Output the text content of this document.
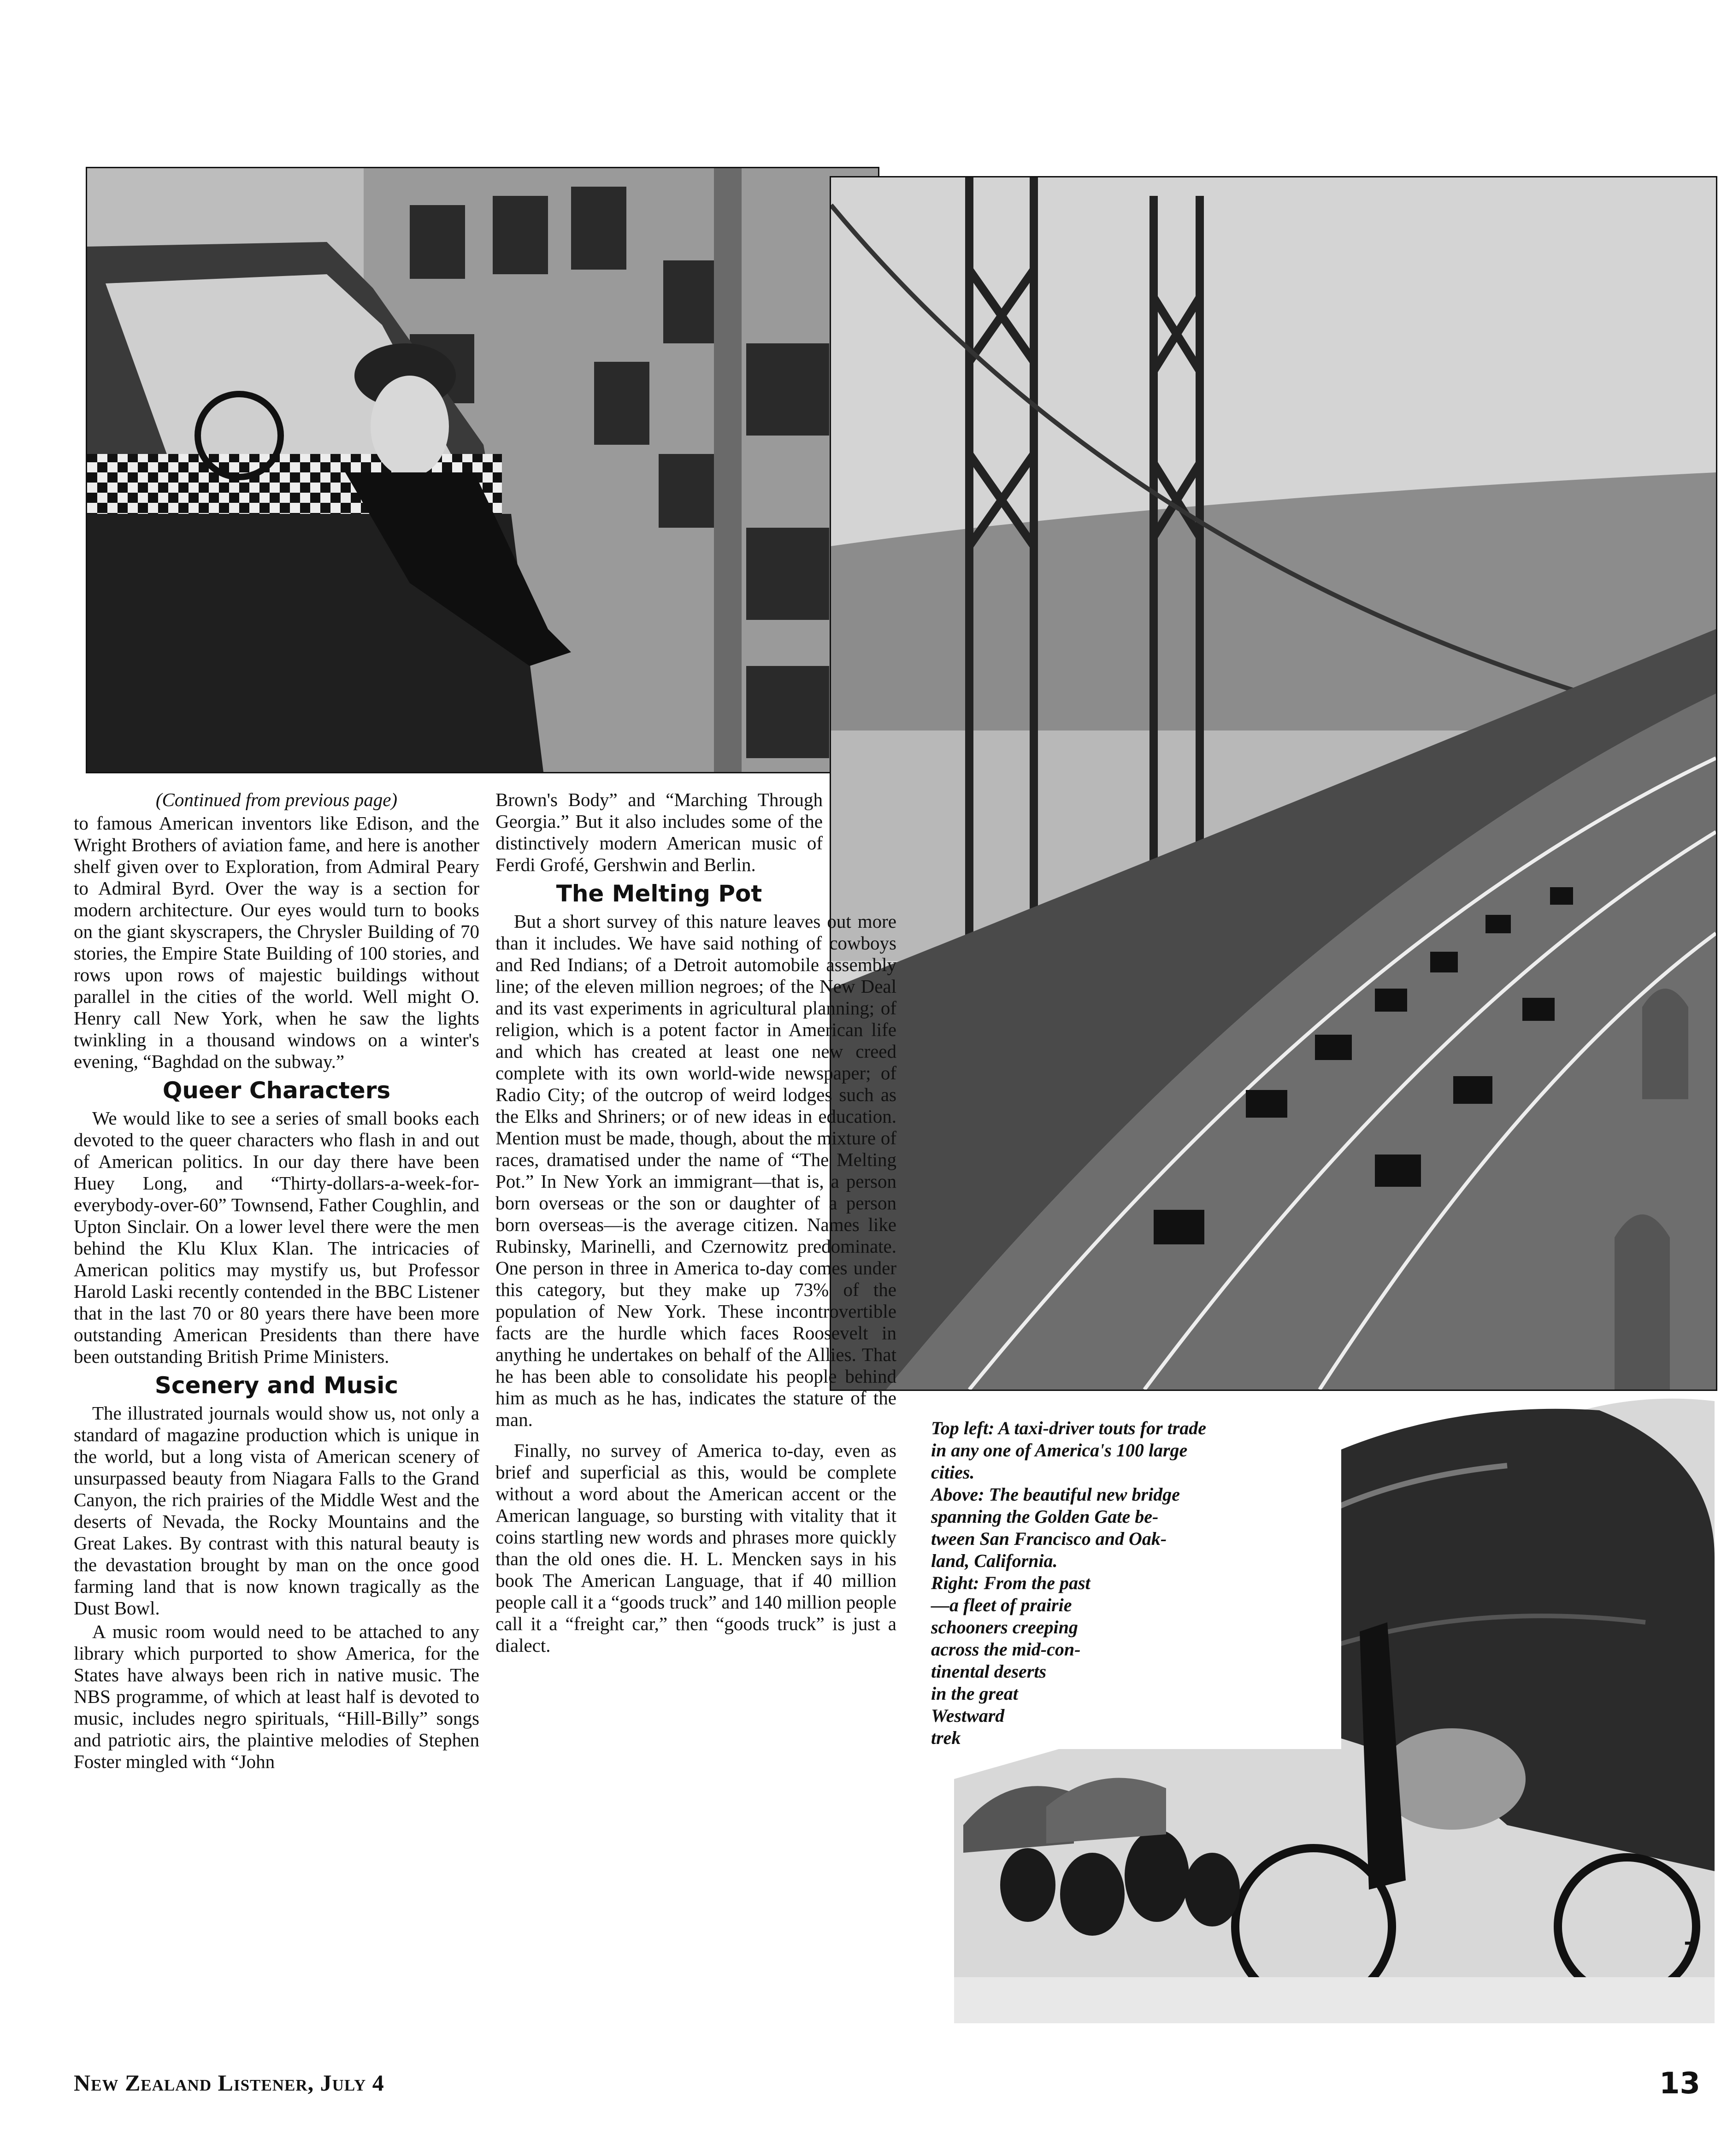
7
Top left: A taxi-driver touts for trade
in any one of America's 100 large
cities.
Above: The beautiful new bridge
spanning the Golden Gate be-
tween San Francisco and Oak-
land, California.
Right: From the past
—a fleet of prairie
schooners creeping
across the mid-con-
tinental deserts
in the great
Westward
trek

(Continued from previous page)

to famous American inventors like Edison, and the Wright Brothers of aviation fame, and here is another shelf given over to Exploration, from Admiral Peary to Admiral Byrd. Over the way is a section for modern architecture. Our eyes would turn to books on the giant skyscrapers, the Chrysler Building of 70 stories, the Empire State Building of 100 stories, and rows upon rows of majestic buildings without parallel in the cities of the world. Well might O. Henry call New York, when he saw the lights twinkling in a thousand windows on a winter's evening, “Baghdad on the subway.”

Queer Characters

We would like to see a series of small books each devoted to the queer characters who flash in and out of American politics. In our day there have been Huey Long, and “Thirty-dollars-a-week-for-everybody-over-60” Townsend, Father Coughlin, and Upton Sinclair. On a lower level there were the men behind the Klu Klux Klan. The intricacies of American politics may mystify us, but Professor Harold Laski recently contended in the BBC Listener that in the last 70 or 80 years there have been more outstanding American Presidents than there have been outstanding British Prime Ministers.

Scenery and Music

The illustrated journals would show us, not only a standard of magazine production which is unique in the world, but a long vista of American scenery of unsurpassed beauty from Niagara Falls to the Grand Canyon, the rich prairies of the Middle West and the deserts of Nevada, the Rocky Mountains and the Great Lakes. By contrast with this natural beauty is the devastation brought by man on the once good farming land that is now known tragically as the Dust Bowl.

A music room would need to be attached to any library which purported to show America, for the States have always been rich in native music. The NBS programme, of which at least half is devoted to music, includes negro spirituals, “Hill-Billy” songs and patriotic airs, the plaintive melodies of Stephen Foster mingled with “John

Brown's Body” and “Marching Through Georgia.” But it also includes some of the distinctively modern American music of Ferdi Grofé, Gershwin and Berlin.

The Melting Pot

But a short survey of this nature leaves out more than it includes. We have said nothing of cowboys and Red Indians; of a Detroit automobile assembly line; of the eleven million negroes; of the New Deal and its vast experiments in agricultural planning; of religion, which is a potent factor in American life and which has created at least one new creed complete with its own world-wide newspaper; of Radio City; of the outcrop of weird lodges such as the Elks and Shriners; or of new ideas in education. Mention must be made, though, about the mixture of races, dramatised under the name of “The Melting Pot.” In New York an immigrant—that is, a person born overseas or the son or daughter of a person born overseas—is the average citizen. Names like Rubinsky, Marinelli, and Czernowitz predominate. One person in three in America to-day comes under this category, but they make up 73% of the population of New York. These incontrovertible facts are the hurdle which faces Roosevelt in anything he undertakes on behalf of the Allies. That he has been able to consolidate his people behind him as much as he has, indicates the stature of the man.

Finally, no survey of America to-day, even as brief and superficial as this, would be complete without a word about the American accent or the American language, so bursting with vitality that it coins startling new words and phrases more quickly than the old ones die. H. L. Mencken says in his book The American Language, that if 40 million people call it a “goods truck” and 140 million people call it a “freight car,” then “goods truck” is just a dialect.

New Zealand Listener, July 4	13
